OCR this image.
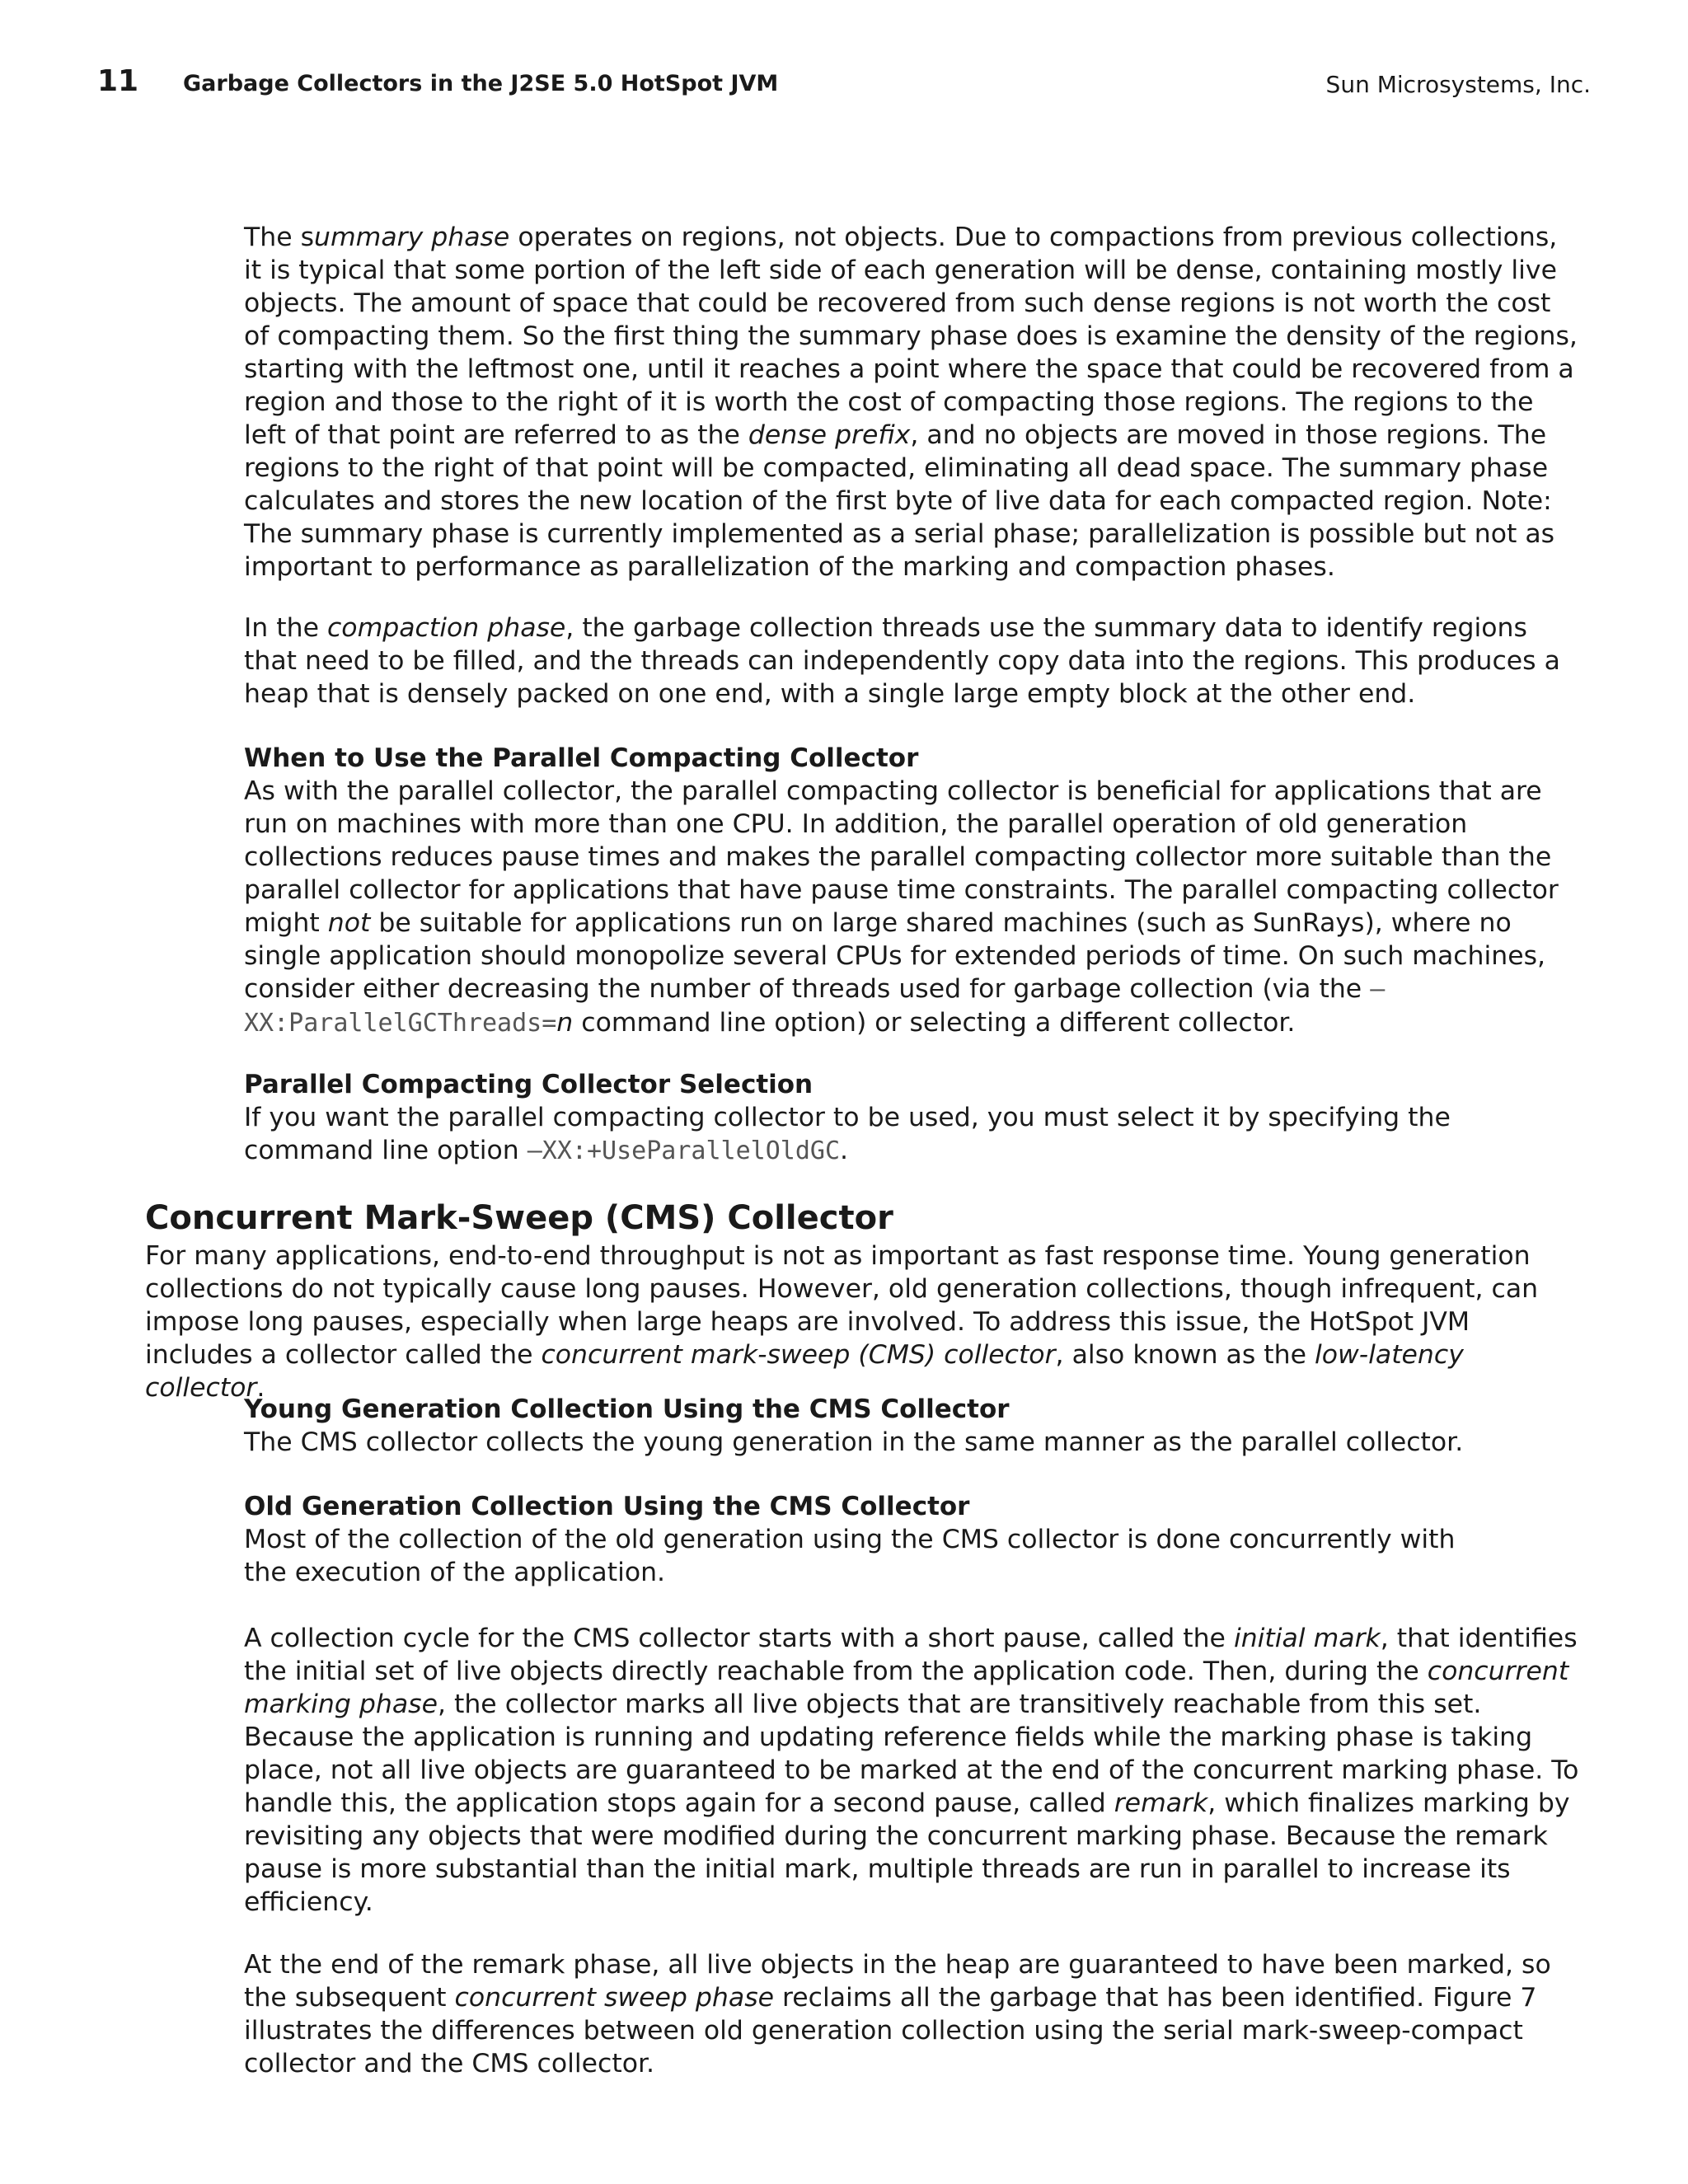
11 Garbage Collectors in the J2SE 5.0 HotSpot JVM	Sun Microsystems, Inc.

The summary phase operates on regions, not objects. Due to compactions from previous collections, it is typical that some portion of the left side of each generation will be dense, containing mostly live objects. The amount of space that could be recovered from such dense regions is not worth the cost of compacting them. So the first thing the summary phase does is examine the density of the regions, starting with the leftmost one, until it reaches a point where the space that could be recovered from a region and those to the right of it is worth the cost of compacting those regions. The regions to the left of that point are referred to as the dense prefix, and no objects are moved in those regions. The regions to the right of that point will be compacted, eliminating all dead space. The summary phase calculates and stores the new location of the first byte of live data for each compacted region. Note: The summary phase is currently implemented as a serial phase; parallelization is possible but not as important to performance as parallelization of the marking and compaction phases.

In the compaction phase, the garbage collection threads use the summary data to identify regions that need to be filled, and the threads can independently copy data into the regions. This produces a heap that is densely packed on one end, with a single large empty block at the other end.

When to Use the Parallel Compacting Collector

As with the parallel collector, the parallel compacting collector is beneficial for applications that are run on machines with more than one CPU. In addition, the parallel operation of old generation collections reduces pause times and makes the parallel compacting collector more suitable than the parallel collector for applications that have pause time constraints. The parallel compacting collector might not be suitable for applications run on large shared machines (such as SunRays), where no single application should monopolize several CPUs for extended periods of time. On such machines, consider either decreasing the number of threads used for garbage collection (via the –XX:ParallelGCThreads=n command line option) or selecting a different collector.

Parallel Compacting Collector Selection

If you want the parallel compacting collector to be used, you must select it by specifying the command line option –XX:+UseParallelOldGC.

Concurrent Mark-Sweep (CMS) Collector

For many applications, end-to-end throughput is not as important as fast response time. Young generation collections do not typically cause long pauses. However, old generation collections, though infrequent, can impose long pauses, especially when large heaps are involved. To address this issue, the HotSpot JVM includes a collector called the concurrent mark-sweep (CMS) collector, also known as the low-latency collector.

Young Generation Collection Using the CMS Collector

The CMS collector collects the young generation in the same manner as the parallel collector.

Old Generation Collection Using the CMS Collector

Most of the collection of the old generation using the CMS collector is done concurrently with

the execution of the application.

A collection cycle for the CMS collector starts with a short pause, called the initial mark, that identifies the initial set of live objects directly reachable from the application code. Then, during the concurrent marking phase, the collector marks all live objects that are transitively reachable from this set. Because the application is running and updating reference fields while the marking phase is taking place, not all live objects are guaranteed to be marked at the end of the concurrent marking phase. To handle this, the application stops again for a second pause, called remark, which finalizes marking by revisiting any objects that were modified during the concurrent marking phase. Because the remark pause is more substantial than the initial mark, multiple threads are run in parallel to increase its efficiency.

At the end of the remark phase, all live objects in the heap are guaranteed to have been marked, so the subsequent concurrent sweep phase reclaims all the garbage that has been identified. Figure 7 illustrates the differences between old generation collection using the serial mark-sweep-compact collector and the CMS collector.
